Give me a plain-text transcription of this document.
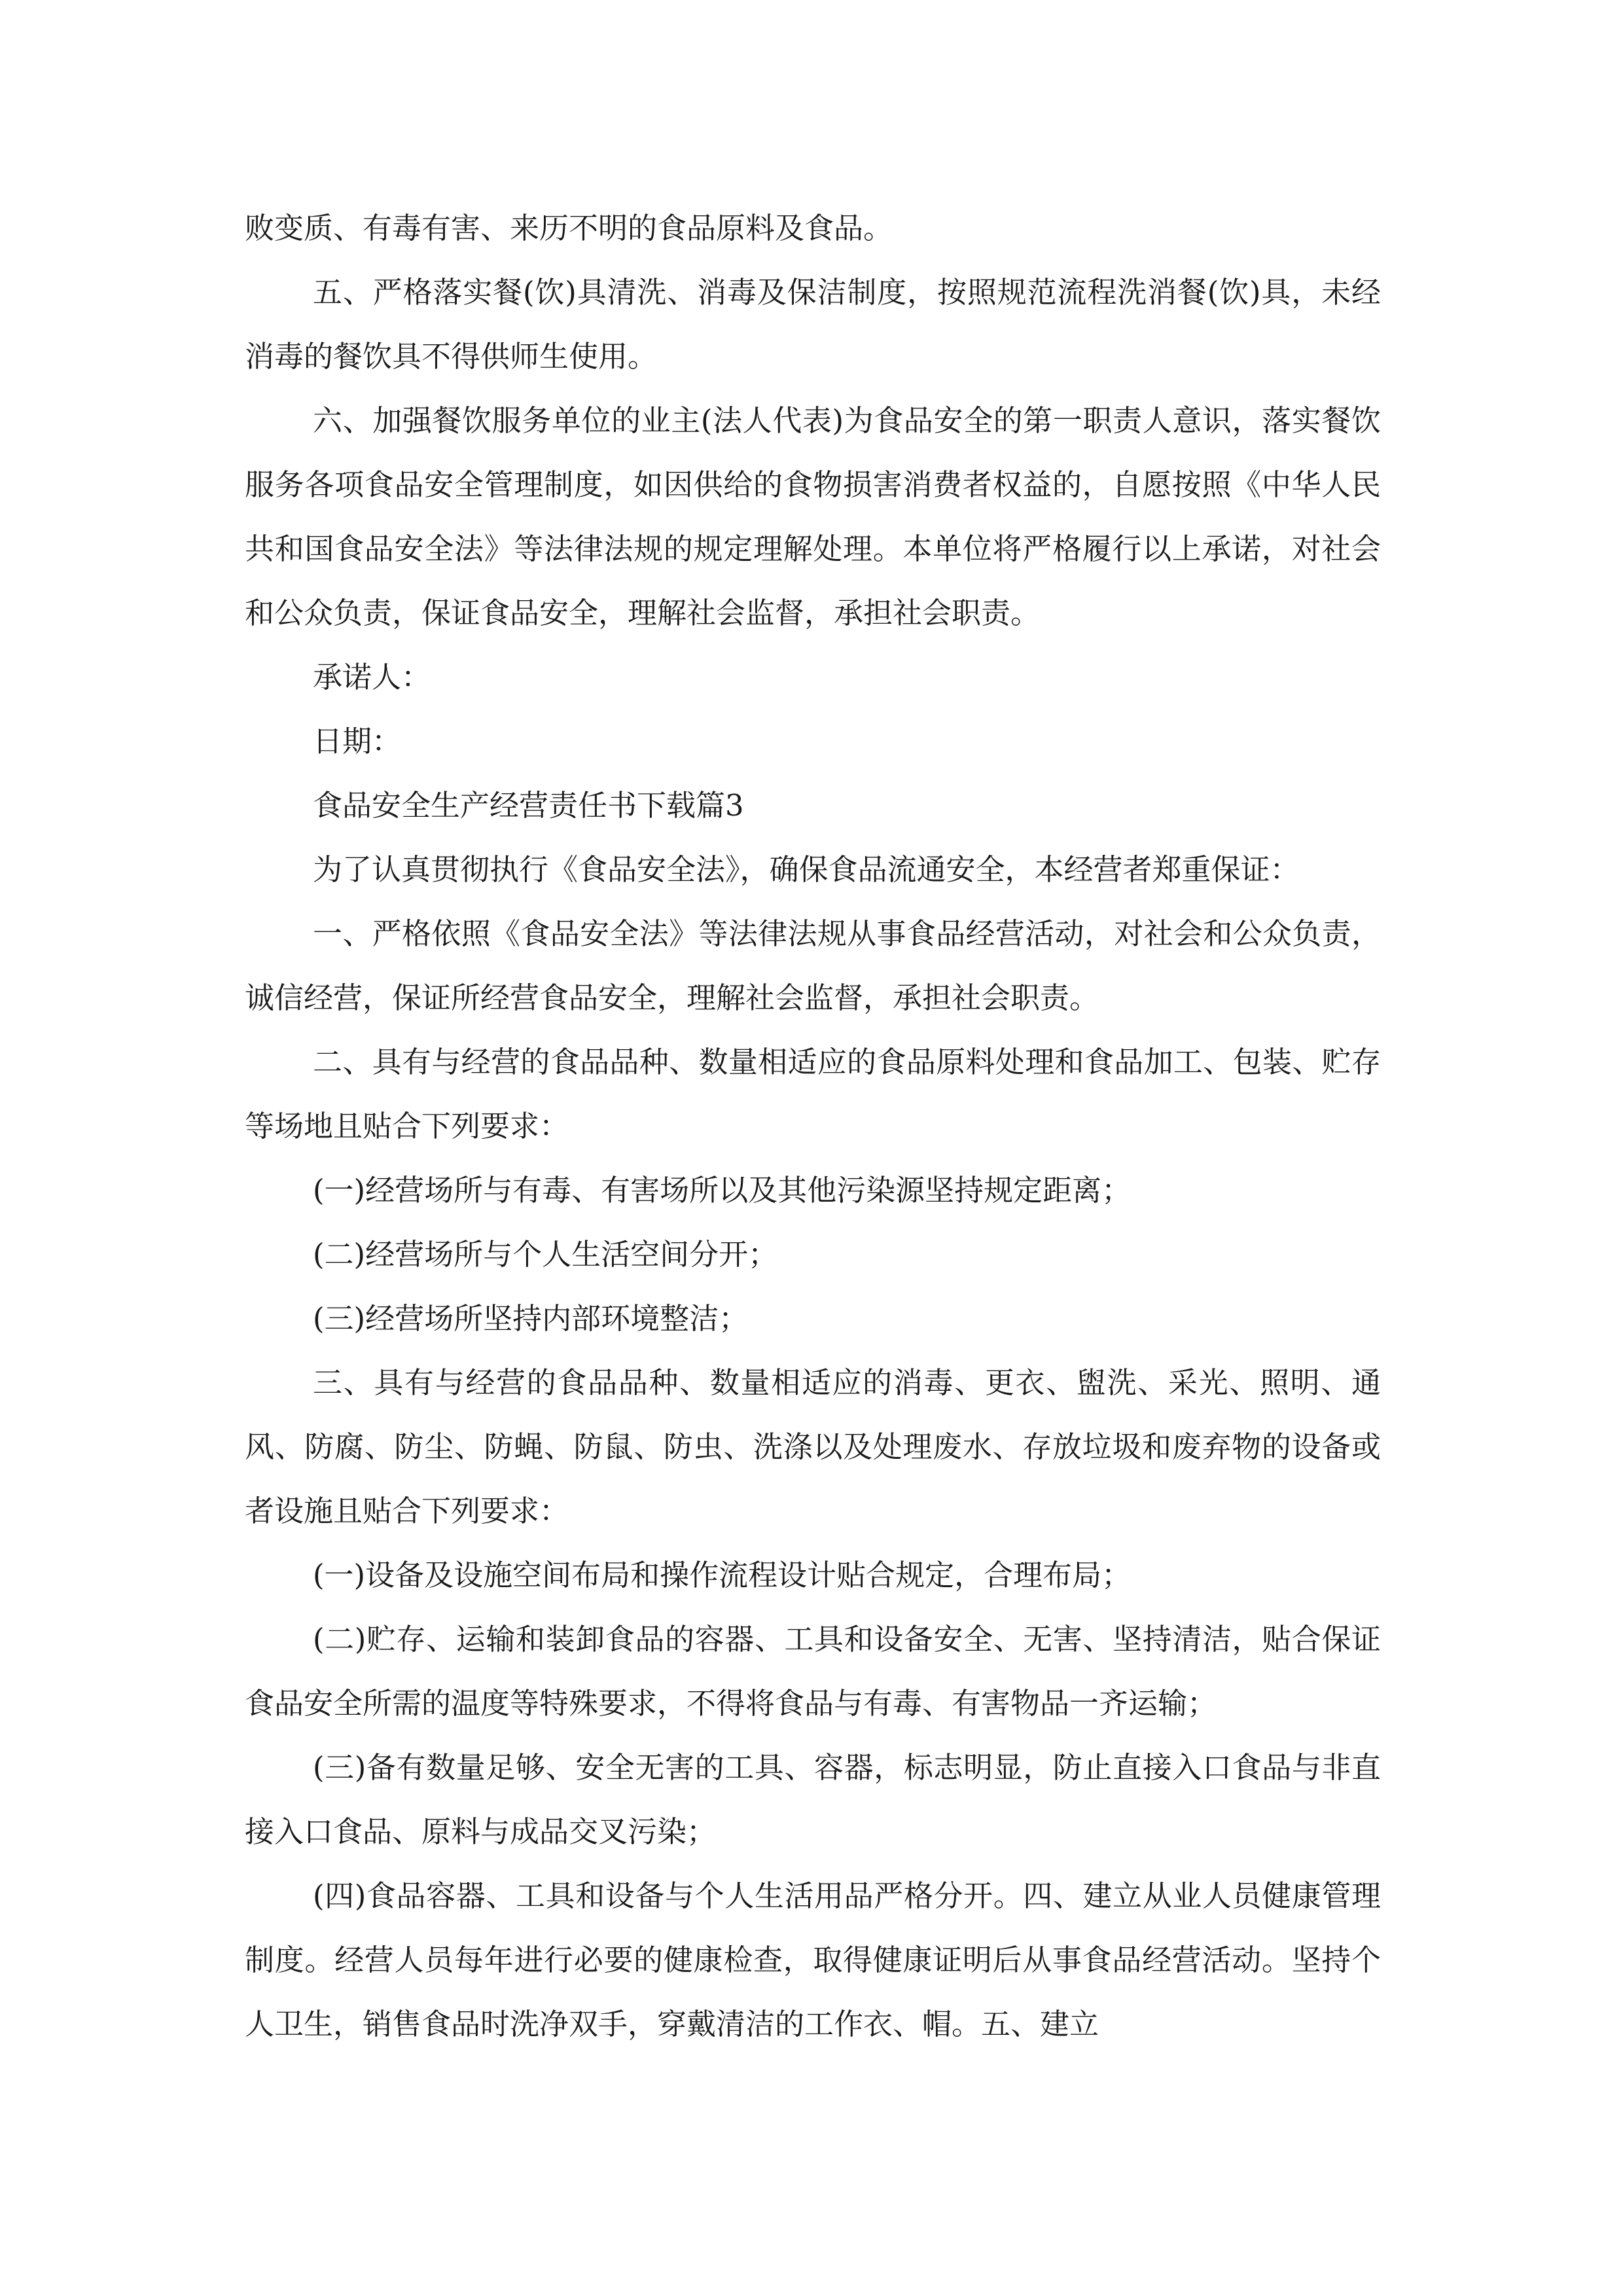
败变质、有毒有害、来历不明的食品原料及食品。

五、严格落实餐(饮)具清洗、消毒及保洁制度，按照规范流程洗消餐(饮)具，未经消毒的餐饮具不得供师生使用。

六、加强餐饮服务单位的业主(法人代表)为食品安全的第一职责人意识，落实餐饮服务各项食品安全管理制度，如因供给的食物损害消费者权益的，自愿按照《中华人民共和国食品安全法》等法律法规的规定理解处理。本单位将严格履行以上承诺，对社会和公众负责，保证食品安全，理解社会监督，承担社会职责。

承诺人：

日期：

食品安全生产经营责任书下载篇3

为了认真贯彻执行《食品安全法》，确保食品流通安全，本经营者郑重保证：

一、严格依照《食品安全法》等法律法规从事食品经营活动，对社会和公众负责，诚信经营，保证所经营食品安全，理解社会监督，承担社会职责。

二、具有与经营的食品品种、数量相适应的食品原料处理和食品加工、包装、贮存等场地且贴合下列要求：

(一)经营场所与有毒、有害场所以及其他污染源坚持规定距离；

(二)经营场所与个人生活空间分开；

(三)经营场所坚持内部环境整洁；

三、具有与经营的食品品种、数量相适应的消毒、更衣、盥洗、采光、照明、通风、防腐、防尘、防蝇、防鼠、防虫、洗涤以及处理废水、存放垃圾和废弃物的设备或者设施且贴合下列要求：

(一)设备及设施空间布局和操作流程设计贴合规定，合理布局；

(二)贮存、运输和装卸食品的容器、工具和设备安全、无害、坚持清洁，贴合保证食品安全所需的温度等特殊要求，不得将食品与有毒、有害物品一齐运输；

(三)备有数量足够、安全无害的工具、容器，标志明显，防止直接入口食品与非直接入口食品、原料与成品交叉污染；

(四)食品容器、工具和设备与个人生活用品严格分开。四、建立从业人员健康管理制度。经营人员每年进行必要的健康检查，取得健康证明后从事食品经营活动。坚持个人卫生，销售食品时洗净双手，穿戴清洁的工作衣、帽。五、建立
